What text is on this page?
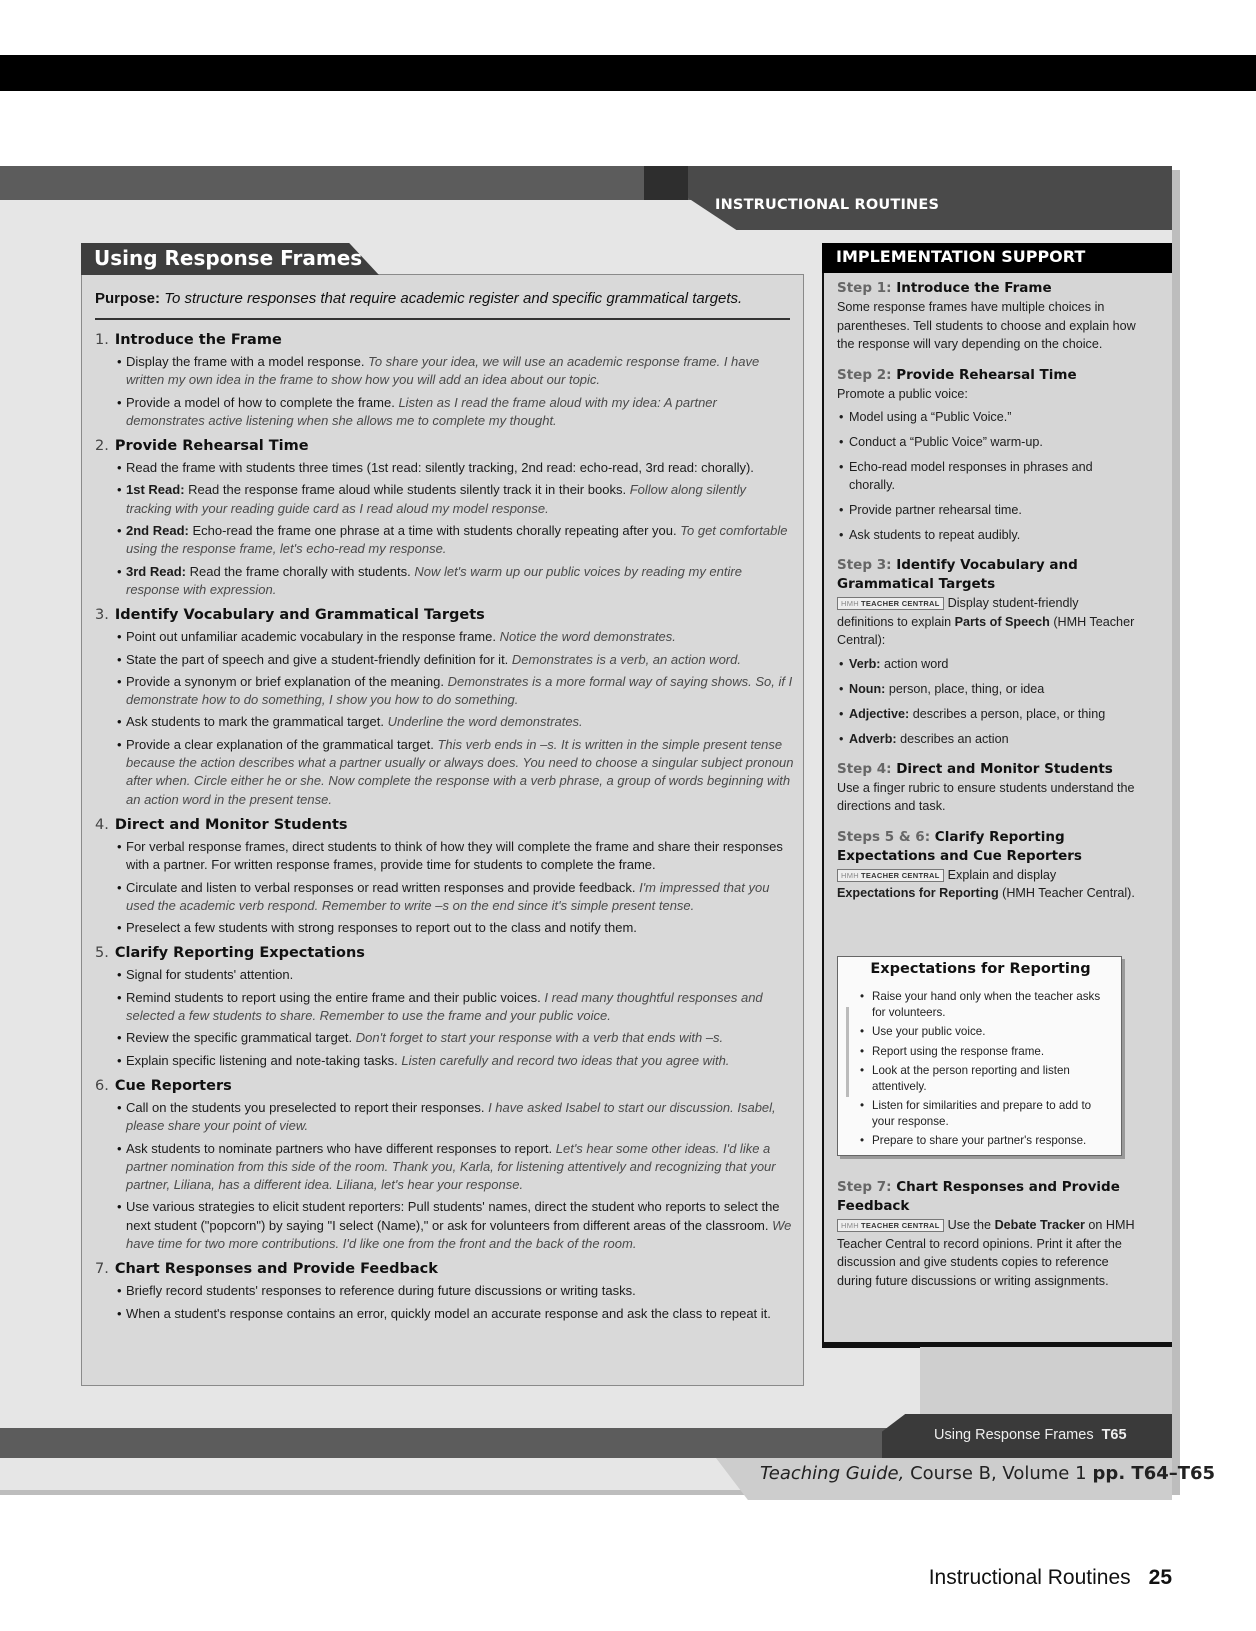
INSTRUCTIONAL ROUTINES
Using Response Frames
Purpose: To structure responses that require academic register and specific grammatical targets.
1. Introduce the Frame
• Display the frame with a model response. To share your idea, we will use an academic response frame. I have written my own idea in the frame to show how you will add an idea about our topic.
• Provide a model of how to complete the frame. Listen as I read the frame aloud with my idea: A partner demonstrates active listening when she allows me to complete my thought.
2. Provide Rehearsal Time
• Read the frame with students three times (1st read: silently tracking, 2nd read: echo-read, 3rd read: chorally).
• 1st Read: Read the response frame aloud while students silently track it in their books. Follow along silently tracking with your reading guide card as I read aloud my model response.
• 2nd Read: Echo-read the frame one phrase at a time with students chorally repeating after you. To get comfortable using the response frame, let's echo-read my response.
• 3rd Read: Read the frame chorally with students. Now let's warm up our public voices by reading my entire response with expression.
3. Identify Vocabulary and Grammatical Targets
• Point out unfamiliar academic vocabulary in the response frame. Notice the word demonstrates.
• State the part of speech and give a student-friendly definition for it. Demonstrates is a verb, an action word.
• Provide a synonym or brief explanation of the meaning. Demonstrates is a more formal way of saying shows. So, if I demonstrate how to do something, I show you how to do something.
• Ask students to mark the grammatical target. Underline the word demonstrates.
• Provide a clear explanation of the grammatical target. This verb ends in –s. It is written in the simple present tense because the action describes what a partner usually or always does. You need to choose a singular subject pronoun after when. Circle either he or she. Now complete the response with a verb phrase, a group of words beginning with an action word in the present tense.
4. Direct and Monitor Students
• For verbal response frames, direct students to think of how they will complete the frame and share their responses with a partner. For written response frames, provide time for students to complete the frame.
• Circulate and listen to verbal responses or read written responses and provide feedback. I'm impressed that you used the academic verb respond. Remember to write –s on the end since it's simple present tense.
• Preselect a few students with strong responses to report out to the class and notify them.
5. Clarify Reporting Expectations
• Signal for students' attention.
• Remind students to report using the entire frame and their public voices. I read many thoughtful responses and selected a few students to share. Remember to use the frame and your public voice.
• Review the specific grammatical target. Don't forget to start your response with a verb that ends with –s.
• Explain specific listening and note-taking tasks. Listen carefully and record two ideas that you agree with.
6. Cue Reporters
• Call on the students you preselected to report their responses. I have asked Isabel to start our discussion. Isabel, please share your point of view.
• Ask students to nominate partners who have different responses to report. Let's hear some other ideas. I'd like a partner nomination from this side of the room. Thank you, Karla, for listening attentively and recognizing that your partner, Liliana, has a different idea. Liliana, let's hear your response.
• Use various strategies to elicit student reporters: Pull students' names, direct the student who reports to select the next student ("popcorn") by saying "I select (Name)," or ask for volunteers from different areas of the classroom. We have time for two more contributions. I'd like one from the front and the back of the room.
7. Chart Responses and Provide Feedback
• Briefly record students' responses to reference during future discussions or writing tasks.
• When a student's response contains an error, quickly model an accurate response and ask the class to repeat it.
IMPLEMENTATION SUPPORT
Step 1: Introduce the Frame
Some response frames have multiple choices in parentheses. Tell students to choose and explain how the response will vary depending on the choice.
Step 2: Provide Rehearsal Time
Promote a public voice:
• Model using a “Public Voice.”
• Conduct a “Public Voice” warm-up.
• Echo-read model responses in phrases and chorally.
• Provide partner rehearsal time.
• Ask students to repeat audibly.
Step 3: Identify Vocabulary and Grammatical Targets
HMH TEACHER CENTRAL Display student-friendly definitions to explain Parts of Speech (HMH Teacher Central):
• Verb: action word
• Noun: person, place, thing, or idea
• Adjective: describes a person, place, or thing
• Adverb: describes an action
Step 4: Direct and Monitor Students
Use a finger rubric to ensure students understand the directions and task.
Steps 5 & 6: Clarify Reporting Expectations and Cue Reporters
HMH TEACHER CENTRAL Explain and display Expectations for Reporting (HMH Teacher Central).
Expectations for Reporting
• Raise your hand only when the teacher asks for volunteers.
• Use your public voice.
• Report using the response frame.
• Look at the person reporting and listen attentively.
• Listen for similarities and prepare to add to your response.
• Prepare to share your partner's response.
Step 7: Chart Responses and Provide Feedback
HMH TEACHER CENTRAL Use the Debate Tracker on HMH Teacher Central to record opinions. Print it after the discussion and give students copies to reference during future discussions or writing assignments.
Using Response Frames T65
Teaching Guide, Course B, Volume 1 pp. T64–T65
Instructional Routines 25
